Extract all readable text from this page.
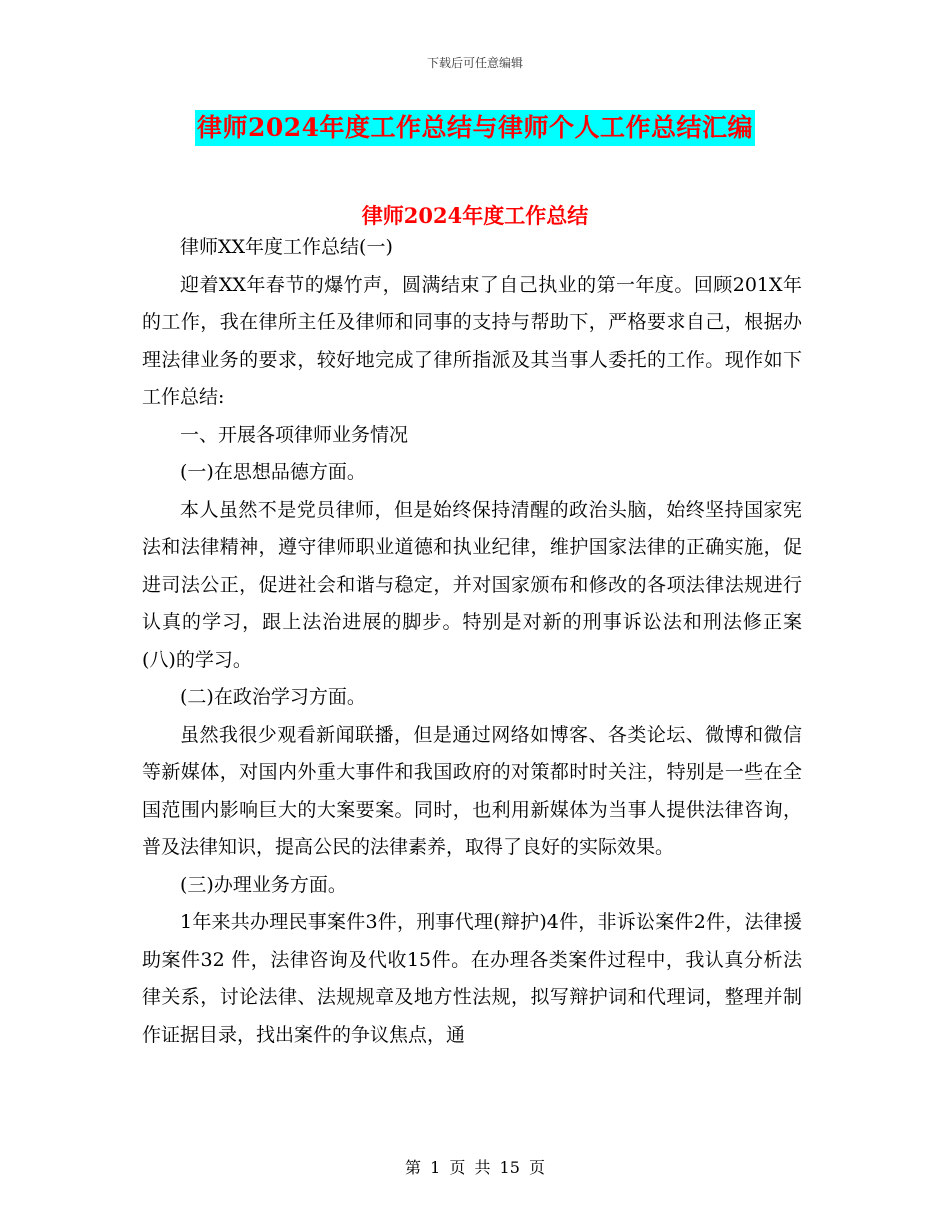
下载后可任意编辑
律师2024年度工作总结与律师个人工作总结汇编
律师2024年度工作总结

律师XX年度工作总结(一)

迎着XX年春节的爆竹声，圆满结束了自己执业的第一年度。回顾201X年的工作，我在律所主任及律师和同事的支持与帮助下，严格要求自己，根据办理法律业务的要求，较好地完成了律所指派及其当事人委托的工作。现作如下工作总结:

一、开展各项律师业务情况

(一)在思想品德方面。

本人虽然不是党员律师，但是始终保持清醒的政治头脑，始终坚持国家宪法和法律精神，遵守律师职业道德和执业纪律，维护国家法律的正确实施，促进司法公正，促进社会和谐与稳定，并对国家颁布和修改的各项法律法规进行认真的学习，跟上法治进展的脚步。特别是对新的刑事诉讼法和刑法修正案(八)的学习。

(二)在政治学习方面。

虽然我很少观看新闻联播，但是通过网络如博客、各类论坛、微博和微信等新媒体，对国内外重大事件和我国政府的对策都时时关注，特别是一些在全国范围内影响巨大的大案要案。同时，也利用新媒体为当事人提供法律咨询，普及法律知识，提高公民的法律素养，取得了良好的实际效果。

(三)办理业务方面。

1年来共办理民事案件3件，刑事代理(辩护)4件，非诉讼案件2件，法律援助案件32 件，法律咨询及代收15件。在办理各类案件过程中，我认真分析法律关系，讨论法律、法规规章及地方性法规，拟写辩护词和代理词，整理并制作证据目录，找出案件的争议焦点，通

第 1 页 共 15 页
